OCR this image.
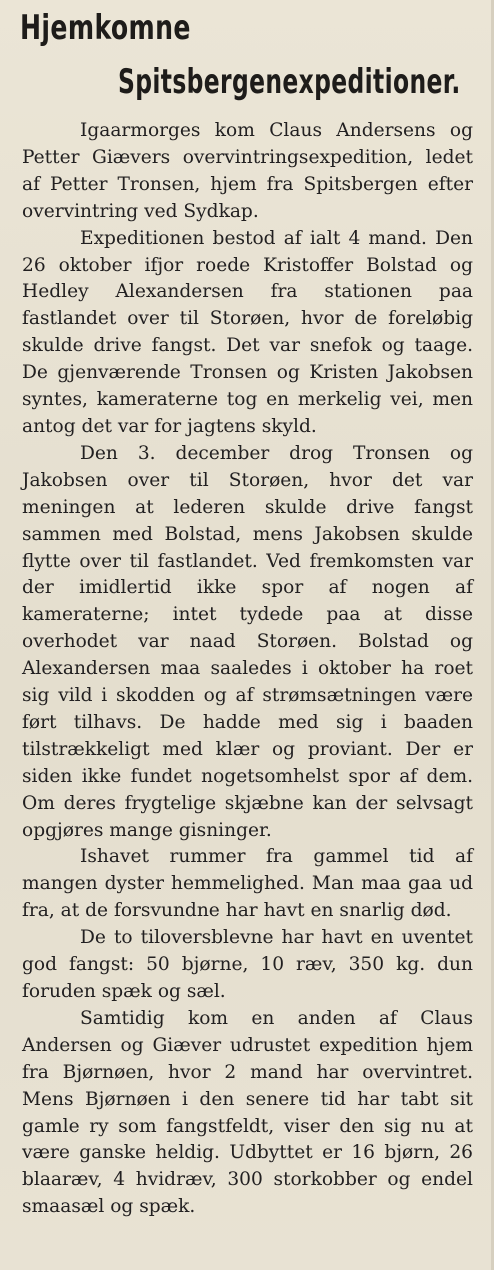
Hjemkomne
Spitsbergenexpeditioner.

Igaarmorges kom Claus Andersens og Petter Giævers overvintringsexpedition, ledet af Petter Tronsen, hjem fra Spitsbergen efter overvintring ved Sydkap.

Expeditionen bestod af ialt 4 mand. Den 26 oktober ifjor roede Kristoffer Bolstad og Hedley Alexandersen fra stationen paa fastlandet over til Storøen, hvor de foreløbig skulde drive fangst. Det var snefok og taage. De gjenværende Tronsen og Kristen Jakobsen syntes, kameraterne tog en merkelig vei, men antog det var for jagtens skyld.

Den 3. december drog Tronsen og Jakobsen over til Storøen, hvor det var meningen at lederen skulde drive fangst sammen med Bolstad, mens Jakobsen skulde flytte over til fastlandet. Ved fremkomsten var der imidlertid ikke spor af nogen af kameraterne; intet tydede paa at disse overhodet var naad Storøen. Bolstad og Alexandersen maa saaledes i oktober ha roet sig vild i skodden og af strømsætningen være ført tilhavs. De hadde med sig i baaden tilstrækkeligt med klær og proviant. Der er siden ikke fundet nogetsomhelst spor af dem. Om deres frygtelige skjæbne kan der selvsagt opgjøres mange gisninger.

Ishavet rummer fra gammel tid af mangen dyster hemmelighed. Man maa gaa ud fra, at de forsvundne har havt en snarlig død.

De to tiloversblevne har havt en uventet god fangst: 50 bjørne, 10 ræv, 350 kg. dun foruden spæk og sæl.

Samtidig kom en anden af Claus Andersen og Giæver udrustet expedition hjem fra Bjørnøen, hvor 2 mand har overvintret. Mens Bjørnøen i den senere tid har tabt sit gamle ry som fangstfeldt, viser den sig nu at være ganske heldig. Udbyttet er 16 bjørn, 26 blaaræv, 4 hvidræv, 300 storkobber og endel smaasæl og spæk.
